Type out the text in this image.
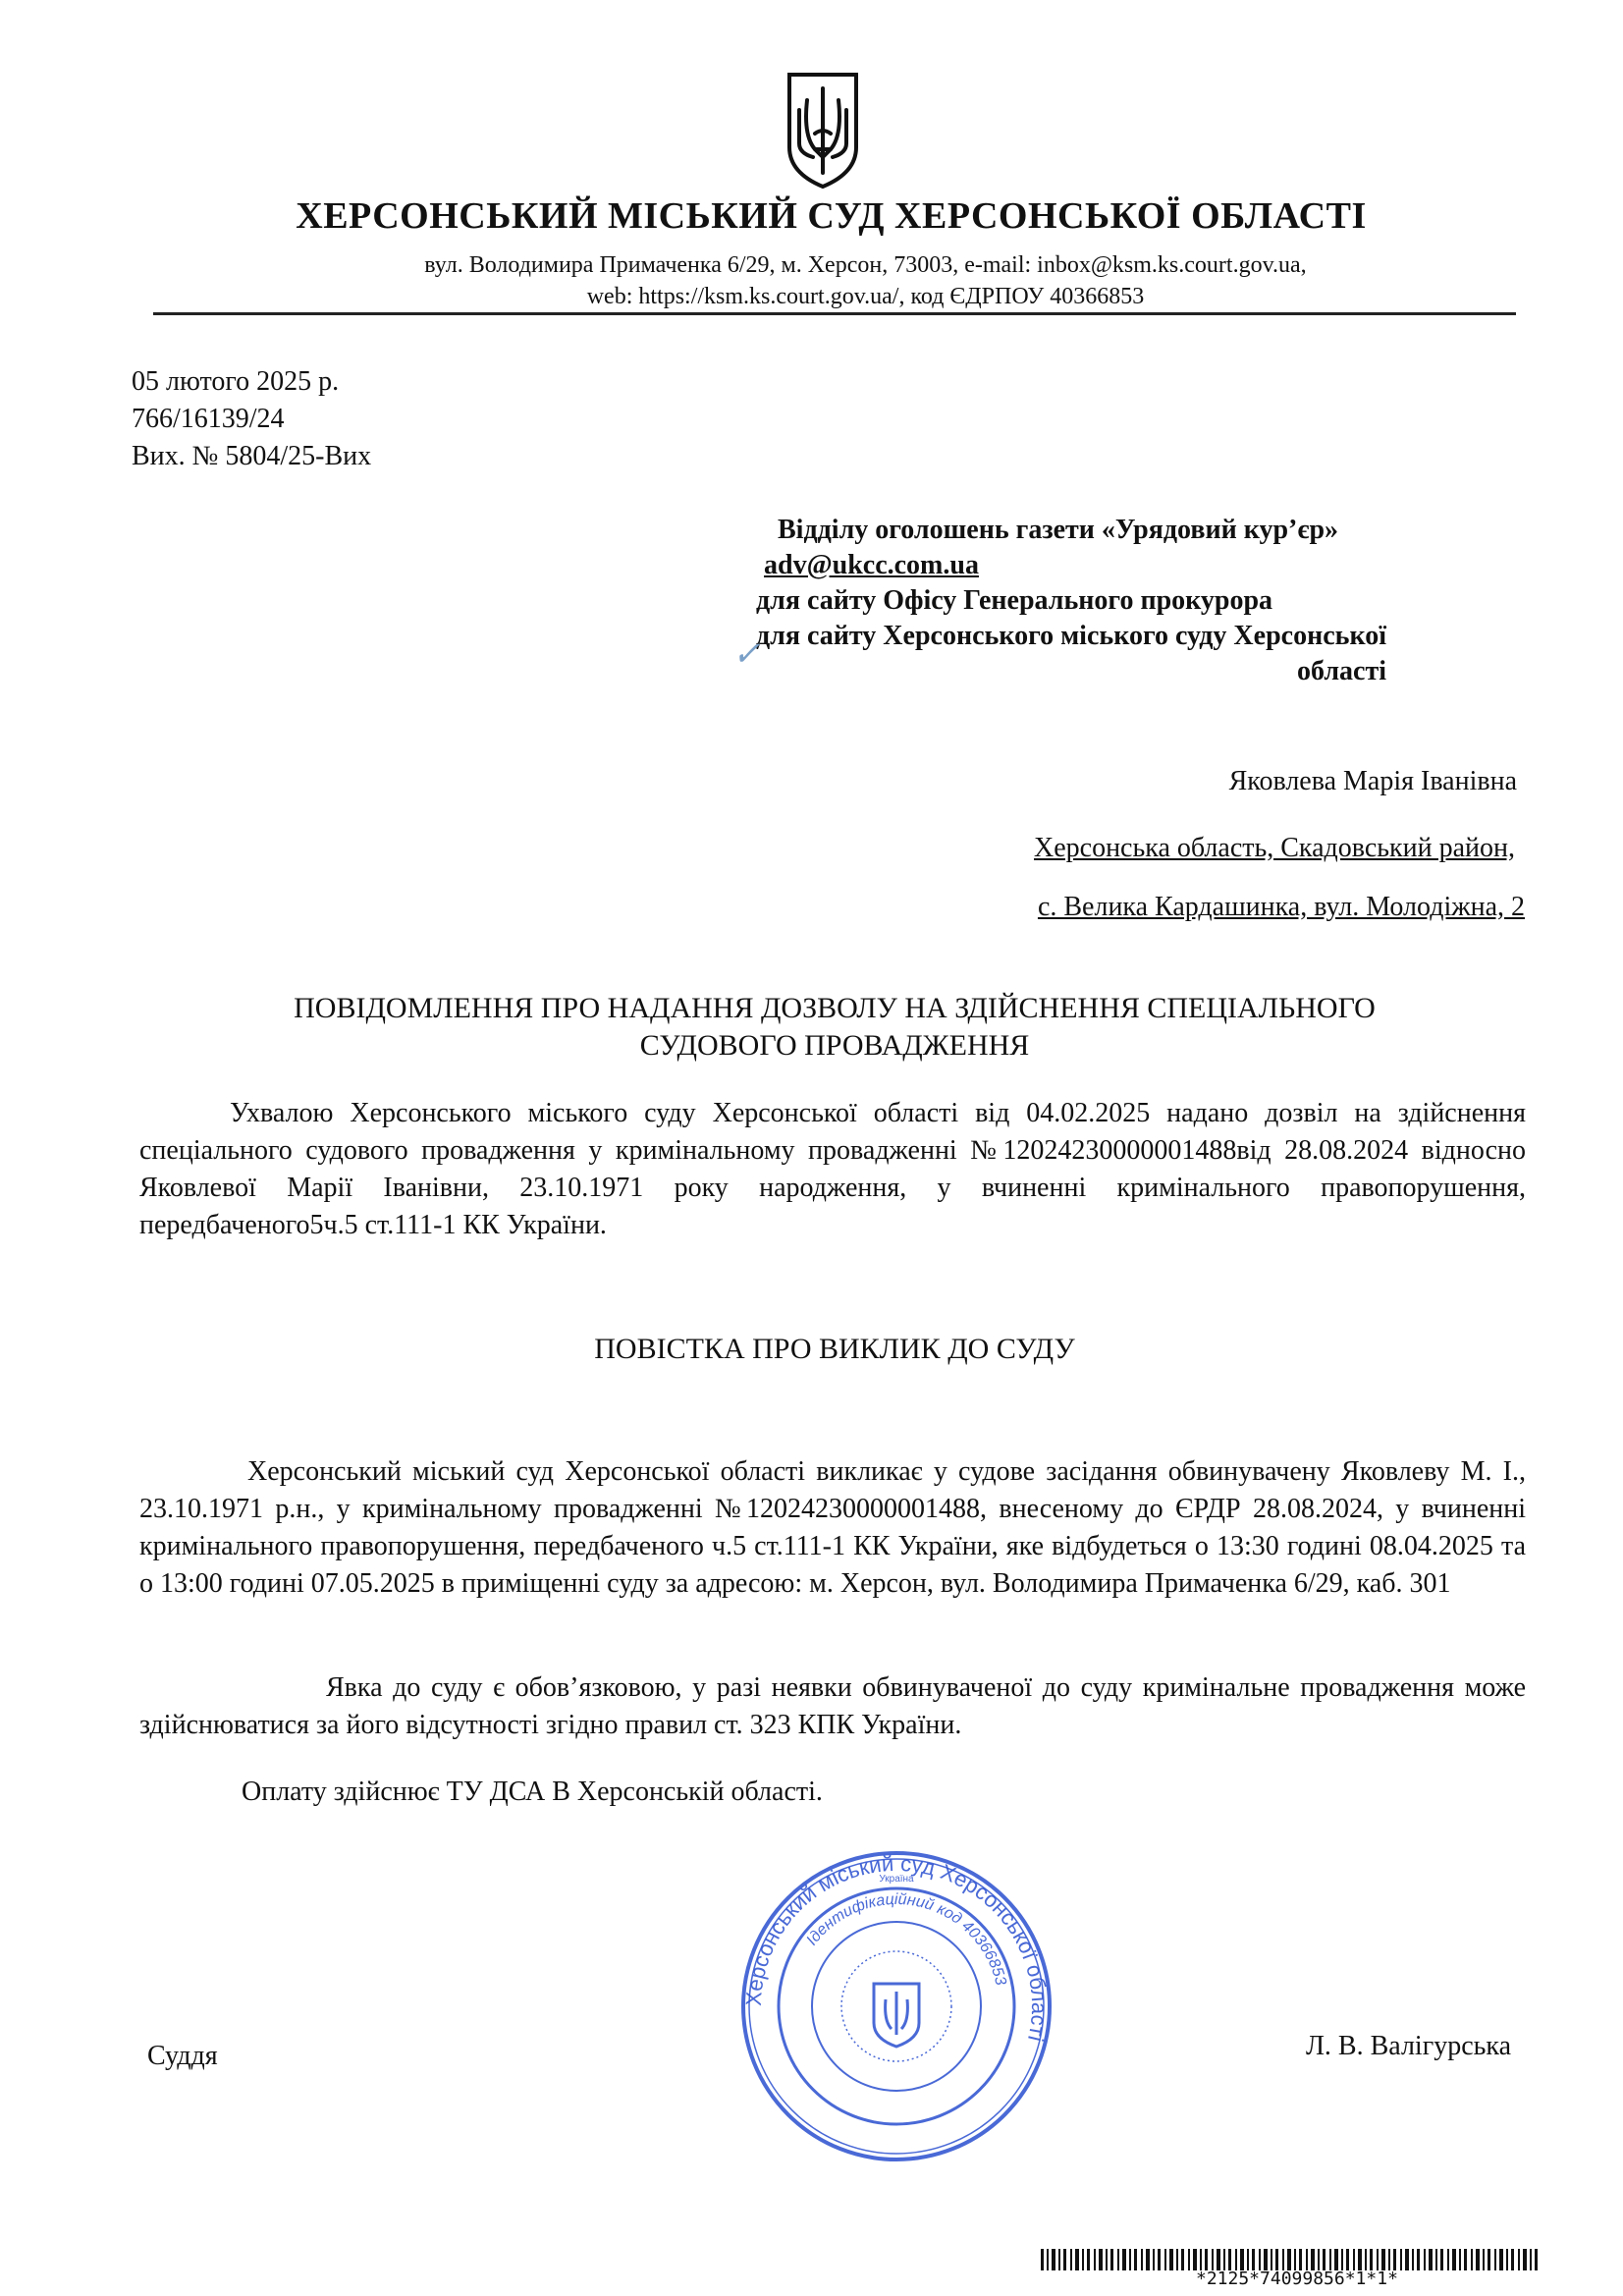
ХЕРСОНСЬКИЙ МІСЬКИЙ СУД ХЕРСОНСЬКОЇ ОБЛАСТІ
вул. Володимира Примаченка 6/29, м. Херсон, 73003, e-mail: inbox@ksm.ks.court.gov.ua,
web: https://ksm.ks.court.gov.ua/, код ЄДРПОУ 40366853
05 лютого 2025 р.
766/16139/24
Вих. № 5804/25-Вих
Відділу оголошень газети «Урядовий кур’єр»
adv@ukcc.com.ua
для сайту Офісу Генерального прокурора
для сайту Херсонського міського суду Херсонської
області
✓
Яковлева Марія Іванівна
Херсонська область, Скадовський район,
с. Велика Кардашинка, вул. Молодіжна, 2
ПОВІДОМЛЕННЯ ПРО НАДАННЯ ДОЗВОЛУ НА ЗДІЙСНЕННЯ СПЕЦІАЛЬНОГО
СУДОВОГО ПРОВАДЖЕННЯ
Ухвалою Херсонського міського суду Херсонської області від 04.02.2025 надано дозвіл на здійснення спеціального судового провадження у кримінальному провадженні №12024230000001488від 28.08.2024 відносно Яковлевої Марії Іванівни, 23.10.1971 року народження, у вчиненні кримінального правопорушення, передбаченого5ч.5 ст.111-1 КК України.
ПОВІСТКА ПРО ВИКЛИК ДО СУДУ
Херсонський міський суд Херсонської області викликає у судове засідання обвинувачену Яковлеву М. І., 23.10.1971 р.н., у кримінальному провадженні №12024230000001488, внесеному до ЄРДР 28.08.2024, у вчиненні кримінального правопорушення, передбаченого ч.5 ст.111-1 КК України, яке відбудеться о 13:30 годині 08.04.2025 та о 13:00 годині 07.05.2025 в приміщенні суду за адресою: м. Херсон, вул. Володимира Примаченка 6/29, каб. 301
Явка до суду є обов’язковою, у разі неявки обвинуваченої до суду кримінальне провадження може здійснюватися за його відсутності згідно правил ст. 323 КПК України.
Оплату здійснює ТУ ДСА В Херсонській області.
Херсонський міський суд Херсонської області
Ідентифікаційний код 40366853
Україна
Суддя	Л. В. Валігурська
*2125*74099856*1*1*
